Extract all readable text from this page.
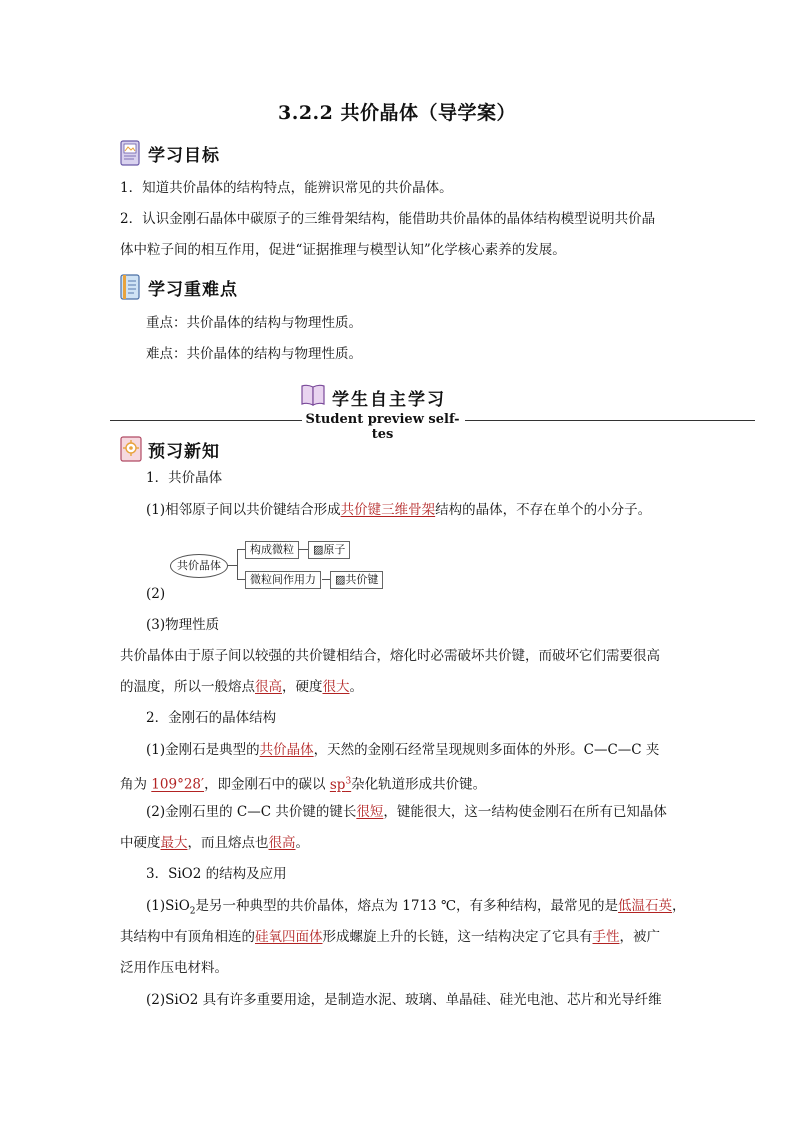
3.2.2 共价晶体（导学案）
学习目标
1．知道共价晶体的结构特点，能辨识常见的共价晶体。
2．认识金刚石晶体中碳原子的三维骨架结构，能借助共价晶体的晶体结构模型说明共价晶
体中粒子间的相互作用，促进“证据推理与模型认知”化学核心素养的发展。
学习重难点
重点：共价晶体的结构与物理性质。
难点：共价晶体的结构与物理性质。
学生自主学习
Student preview self-tes
预习新知
1．共价晶体
(1)相邻原子间以共价键结合形成共价键三维骨架结构的晶体，不存在单个的小分子。
共价晶体
构成微粒	▨原子
微粒间作用力	▨共价键
(2)
(3)物理性质
共价晶体由于原子间以较强的共价键相结合，熔化时必需破坏共价键，而破坏它们需要很高
的温度，所以一般熔点很高，硬度很大。
2．金刚石的晶体结构
(1)金刚石是典型的共价晶体，天然的金刚石经常呈现规则多面体的外形。C—C—C 夹
角为 109°28′，即金刚石中的碳以 $sp^3$杂化轨道形成共价键。
(2)金刚石里的 C—C 共价键的键长很短，键能很大，这一结构使金刚石在所有已知晶体
中硬度最大，而且熔点也很高。
3．SiO2 的结构及应用
(1)SiO$_2$是另一种典型的共价晶体，熔点为 1713 ℃，有多种结构，最常见的是低温石英，
其结构中有顶角相连的硅氧四面体形成螺旋上升的长链，这一结构决定了它具有手性，被广
泛用作压电材料。
(2)SiO2 具有许多重要用途，是制造水泥、玻璃、单晶硅、硅光电池、芯片和光导纤维
